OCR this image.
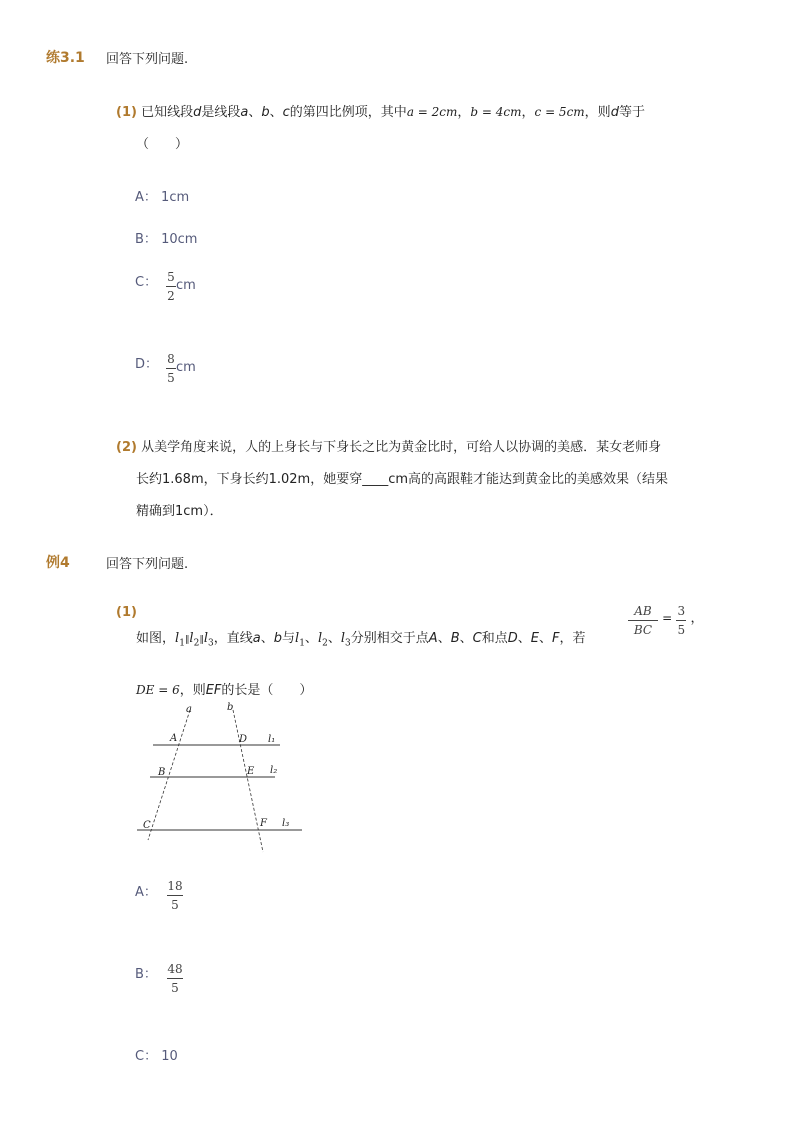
练3.1 回答下列问题.
(1) 已知线段d是线段a、b、c的第四比例项，其中a = 2cm，b = 4cm，c = 5cm，则d等于
（　　）
A： 1cm
B： 10cm
C： $\frac{5}{2}cm$
D： $\frac{8}{5}cm$
(2) 从美学角度来说，人的上身长与下身长之比为黄金比时，可给人以协调的美感．某女老师身
长约1.68m，下身长约1.02m，她要穿____cm高的高跟鞋才能达到黄金比的美感效果（结果
精确到1cm）．
例4	回答下列问题.
(1)
如图，$l_1\parallel l_2\parallel l_3$，直线a、b与$l_1$、$l_2$、$l_3$分别相交于点A、B、C和点D、E、F，若
$\frac{AB}{BC} = \frac{3}{5}$ ，
DE = 6，则EF的长是（　　）
a	b
A	D
B	E
C	F
l₁
l₂
l₃
A： $\frac{18}{5}$
B： $\frac{48}{5}$
C： 10
